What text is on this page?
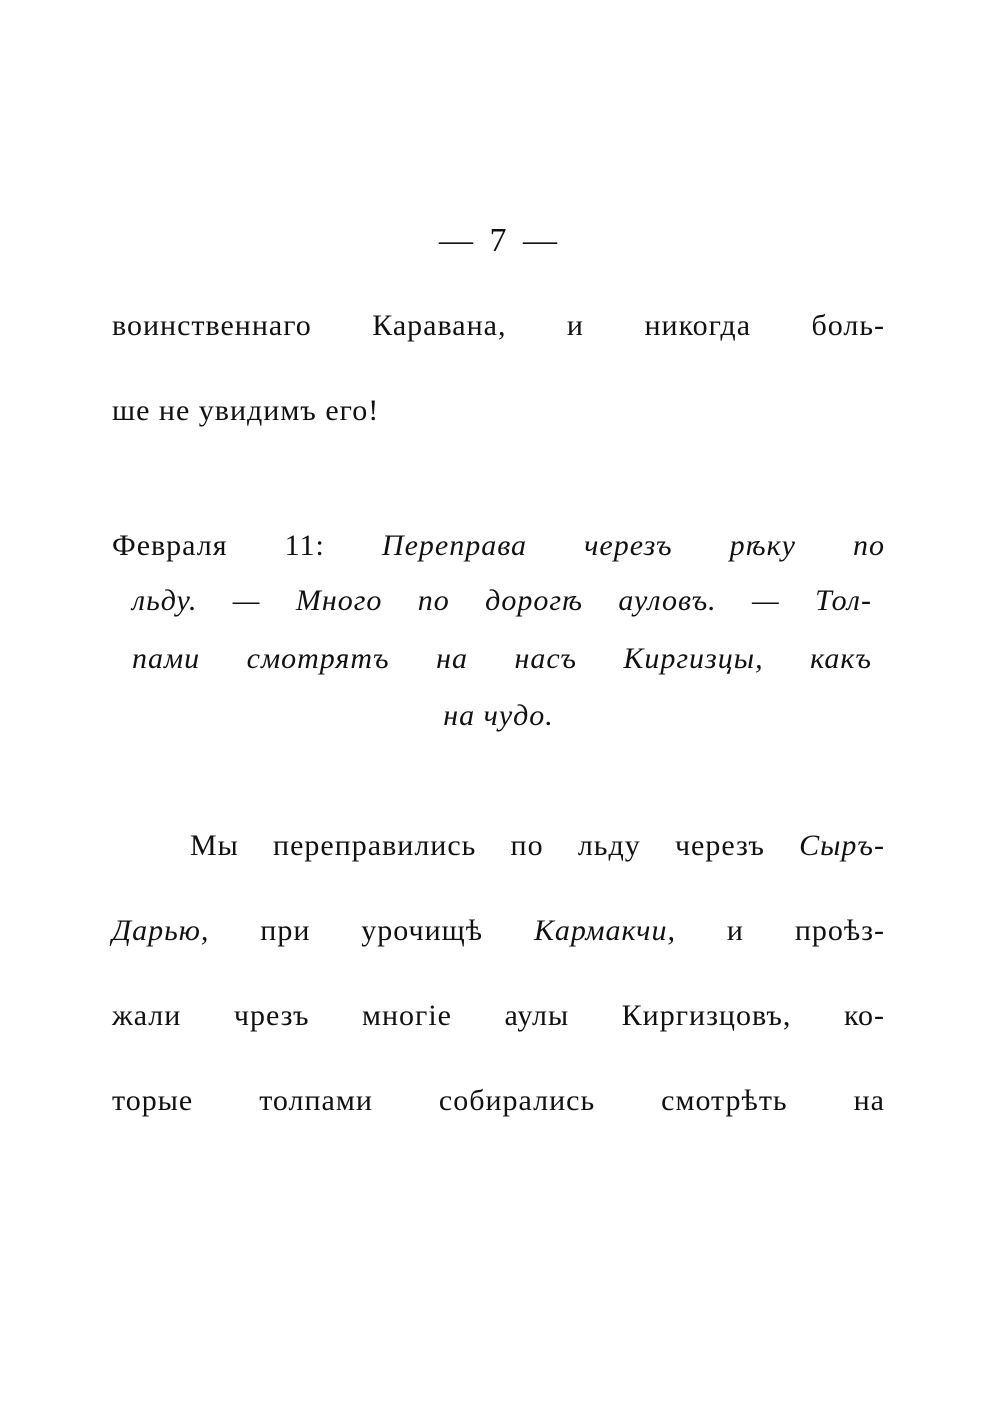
— 7 —
воинственнаго Каравана, и никогда боль-
ше не увидимъ его!
Февраля 11: Переправа черезъ рѣку по
льду. — Много по дорогѣ ауловъ. — Тол-
пами смотрятъ на насъ Киргизцы, какъ
на чудо.
Мы переправились по льду черезъ Сыръ-
Дарью, при урочищѣ Кармакчи, и проѣз-
жали чрезъ многіе аулы Киргизцовъ, ко-
торые толпами собирались смотрѣть на
